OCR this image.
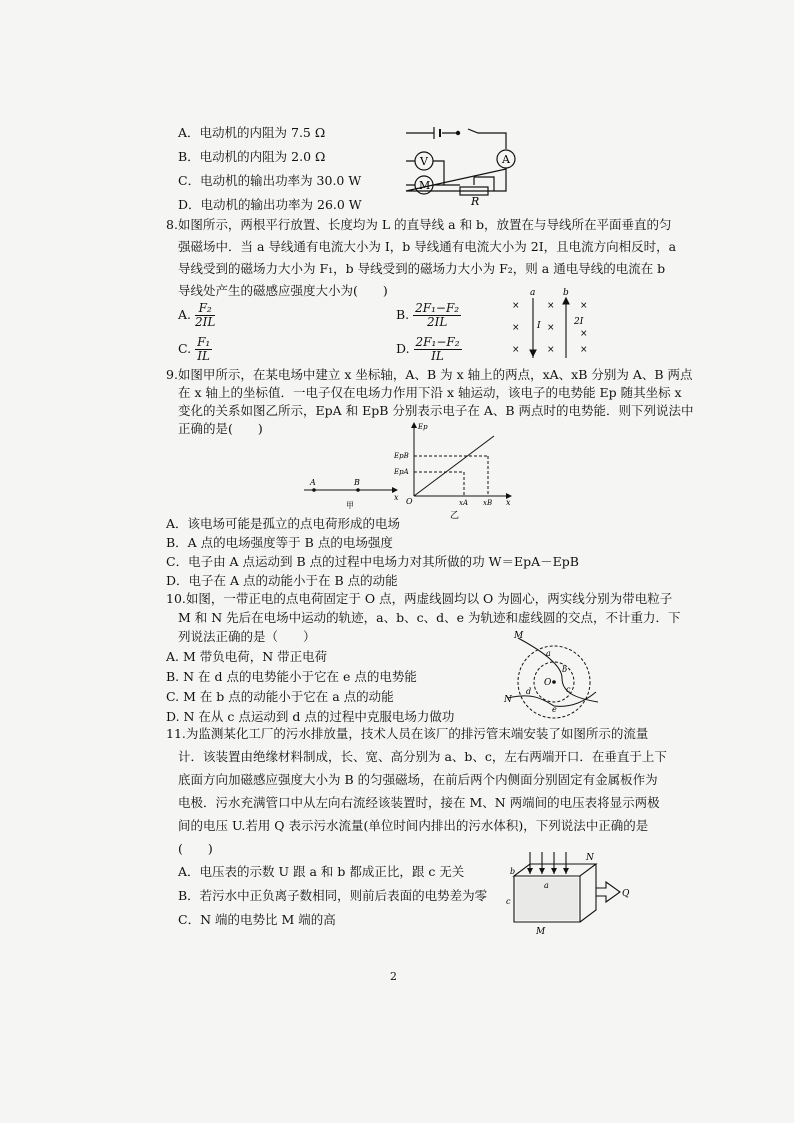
A．电动机的内阻为 7.5 Ω
B．电动机的内阻为 2.0 Ω
C．电动机的输出功率为 30.0 W
D．电动机的输出功率为 26.0 W
A
V
M
R
8.如图所示，两根平行放置、长度均为 L 的直导线 a 和 b，放置在与导线所在平面垂直的匀
强磁场中．当 a 导线通有电流大小为 I，b 导线通有电流大小为 2I，且电流方向相反时，a
导线受到的磁场力大小为 F₁，b 导线受到的磁场力大小为 F₂，则 a 通电导线的电流在 b
导线处产生的磁感应强度大小为(　　)
A. $\frac{\text{F₂}}{2IL}$	B. $\frac{\text{2F₁−F₂}}{2IL}$
C. $\frac{\text{F₁}}{IL}$	D. $\frac{\text{2F₁−F₂}}{IL}$
a	b
I	2I
×	×	×
×	×
×
×	×	×
9.如图甲所示，在某电场中建立 x 坐标轴，A、B 为 x 轴上的两点，xA、xB 分别为 A、B 两点
在 x 轴上的坐标值．一电子仅在电场力作用下沿 x 轴运动，该电子的电势能 Ep 随其坐标 x
变化的关系如图乙所示，EpA 和 EpB 分别表示电子在 A、B 两点时的电势能．则下列说法中
正确的是(　　)
A	B
x
甲
Ep
EpB
EpA
O	xA xB x
乙
A．该电场可能是孤立的点电荷形成的电场
B．A 点的电场强度等于 B 点的电场强度
C．电子由 A 点运动到 B 点的过程中电场力对其所做的功 W＝EpA－EpB
D．电子在 A 点的动能小于在 B 点的动能
10.如图，一带正电的点电荷固定于 O 点，两虚线圆均以 O 为圆心，两实线分别为带电粒子
M 和 N 先后在电场中运动的轨迹，a、b、c、d、e 为轨迹和虚线圆的交点，不计重力．下
列说法正确的是（　　）
A. M 带负电荷，N 带正电荷
B. N 在 d 点的电势能小于它在 e 点的电势能
C. M 在 b 点的动能小于它在 a 点的动能
D. N 在从 c 点运动到 d 点的过程中克服电场力做功
M
N
O
a
b
c
d
e
11.为监测某化工厂的污水排放量，技术人员在该厂的排污管末端安装了如图所示的流量
计．该装置由绝缘材料制成，长、宽、高分别为 a、b、c，左右两端开口．在垂直于上下
底面方向加磁感应强度大小为 B 的匀强磁场，在前后两个内侧面分别固定有金属板作为
电极．污水充满管口中从左向右流经该装置时，接在 M、N 两端间的电压表将显示两极
间的电压 U.若用 Q 表示污水流量(单位时间内排出的污水体积)，下列说法中正确的是
(　　)
A．电压表的示数 U 跟 a 和 b 都成正比，跟 c 无关
B．若污水中正负离子数相同，则前后表面的电势差为零
C．N 端的电势比 M 端的高
N
M
Q
a
b
c
2
